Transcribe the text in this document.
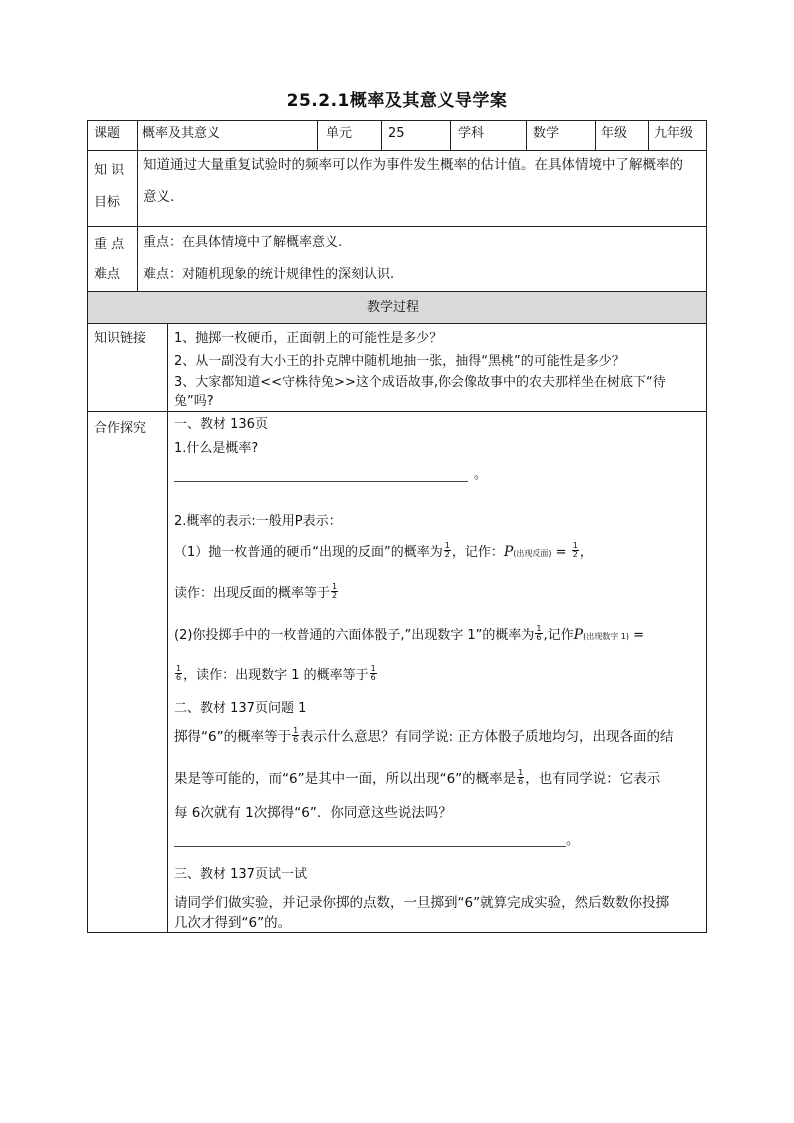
25.2.1概率及其意义导学案
课题 概率及其意义	单元	25	学科	数学	年级 九年级
知 识
目标
知道通过大量重复试验时的频率可以作为事件发生概率的估计值。在具体情境中了解概率的
意义.
重 点
难点
重点：在具体情境中了解概率意义.
难点：对随机现象的统计规律性的深刻认识.
教学过程
知识链接 1、抛掷一枚硬币，正面朝上的可能性是多少？
2、从一副没有大小王的扑克牌中随机地抽一张，抽得“黑桃”的可能性是多少？
3、大家都知道<<守株待兔>>这个成语故事,你会像故事中的农夫那样坐在树底下“待
兔”吗?
合作探究 一、教材 136页
1.什么是概率?
。
2.概率的表示:一般用P表示：
（1）抛一枚普通的硬币“出现的反面”的概率为 $\frac{1}{2}$ ，记作：P(出现反面) = $\frac{1}{2}$ ，
读作：出现反面的概率等于 $\frac{1}{2}$
(2)你投掷手中的一枚普通的六面体骰子,”出现数字 1”的概率为 $\frac{1}{6}$ ,记作P(出现数字 1) =
$\frac{1}{6}$ ，读作：出现数字 1 的概率等于 $\frac{1}{6}$
二、教材 137页问题 1
掷得“6”的概率等于 $\frac{1}{6}$ 表示什么意思？有同学说: 正方体骰子质地均匀，出现各面的结
果是等可能的，而“6”是其中一面，所以出现“6”的概率是 $\frac{1}{6}$ ，也有同学说：它表示
每 6次就有 1次掷得“6”．你同意这些说法吗？
。
三、教材 137页试一试
请同学们做实验，并记录你掷的点数，一旦掷到“6”就算完成实验，然后数数你投掷
几次才得到“6”的。
